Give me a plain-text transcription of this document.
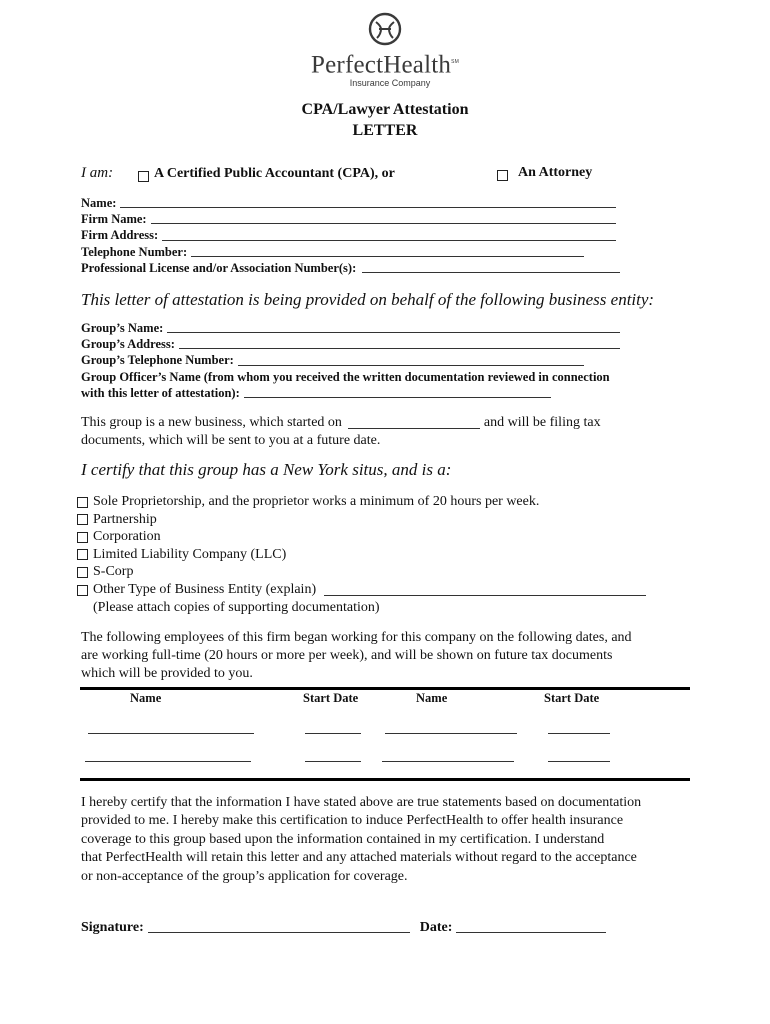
PerfectHealth℠
Insurance Company
CPA/Lawyer Attestation
LETTER
I am:	A Certified Public Accountant (CPA), or	An Attorney
Name:
Firm Name:
Firm Address:
Telephone Number:
Professional License and/or Association Number(s):
This letter of attestation is being provided on behalf of the following business entity:
Group’s Name:
Group’s Address:
Group’s Telephone Number:
Group Officer’s Name (from whom you received the written documentation reviewed in connection
with this letter of attestation):
This group is a new business, which started on	and will be filing tax
documents, which will be sent to you at a future date.
I certify that this group has a New York situs, and is a:
Sole Proprietorship, and the proprietor works a minimum of 20 hours per week.
Partnership
Corporation
Limited Liability Company (LLC)
S-Corp
Other Type of Business Entity (explain)
(Please attach copies of supporting documentation)
The following employees of this firm began working for this company on the following dates, and
are working full-time (20 hours or more per week), and will be shown on future tax documents
which will be provided to you.
Name	Start Date	Name	Start Date
I hereby certify that the information I have stated above are true statements based on documentation
provided to me. I hereby make this certification to induce PerfectHealth to offer health insurance
coverage to this group based upon the information contained in my certification. I understand
that PerfectHealth will retain this letter and any attached materials without regard to the acceptance
or non-acceptance of the group’s application for coverage.
Signature:	Date:
